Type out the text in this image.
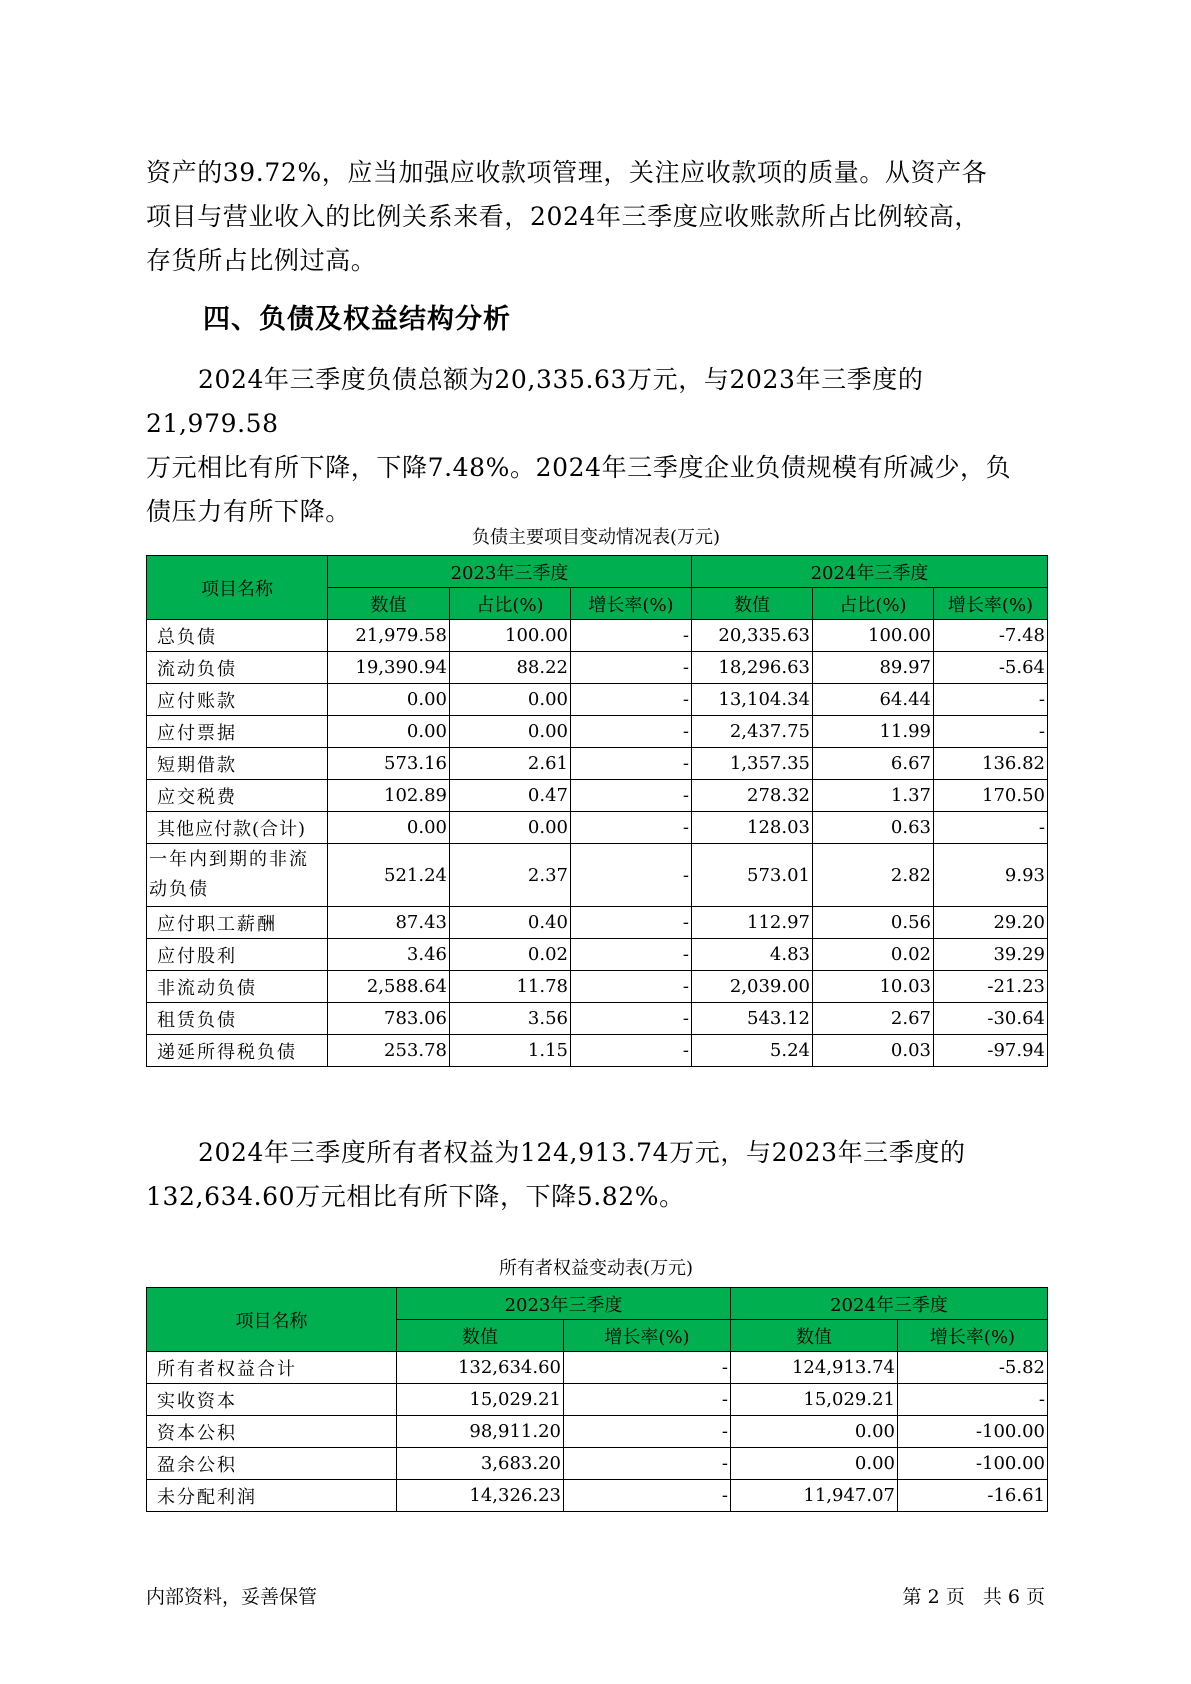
资产的39.72%，应当加强应收款项管理，关注应收款项的质量。从资产各

项目与营业收入的比例关系来看，2024年三季度应收账款所占比例较高，

存货所占比例过高。

四、负债及权益结构分析

2024年三季度负债总额为20,335.63万元，与2023年三季度的21,979.58

万元相比有所下降，下降7.48%。2024年三季度企业负债规模有所减少，负

债压力有所下降。

负债主要项目变动情况表(万元)
项目名称	2023年三季度			2024年三季度		
	数值	占比(%)	增长率(%)	数值	占比(%)	增长率(%)
总负债	21,979.58	100.00	-	20,335.63	100.00	-7.48
流动负债	19,390.94	88.22	-	18,296.63	89.97	-5.64
应付账款	0.00	0.00	-	13,104.34	64.44	-
应付票据	0.00	0.00	-	2,437.75	11.99	-
短期借款	573.16	2.61	-	1,357.35	6.67	136.82
应交税费	102.89	0.47	-	278.32	1.37	170.50
其他应付款(合计)	0.00	0.00	-	128.03	0.63	-
一年内到期的非流动负债	521.24	2.37	-	573.01	2.82	9.93
应付职工薪酬	87.43	0.40	-	112.97	0.56	29.20
应付股利	3.46	0.02	-	4.83	0.02	39.29
非流动负债	2,588.64	11.78	-	2,039.00	10.03	-21.23
租赁负债	783.06	3.56	-	543.12	2.67	-30.64
递延所得税负债	253.78	1.15	-	5.24	0.03	-97.94

2024年三季度所有者权益为124,913.74万元，与2023年三季度的

132,634.60万元相比有所下降，下降5.82%。

所有者权益变动表(万元)
项目名称	2023年三季度		2024年三季度	
	数值	增长率(%)	数值	增长率(%)
所有者权益合计	132,634.60	-	124,913.74	-5.82
实收资本	15,029.21	-	15,029.21	-
资本公积	98,911.20	-	0.00	-100.00
盈余公积	3,683.20	-	0.00	-100.00
未分配利润	14,326.23	-	11,947.07	-16.61
内部资料，妥善保管	第 2 页   共 6 页
